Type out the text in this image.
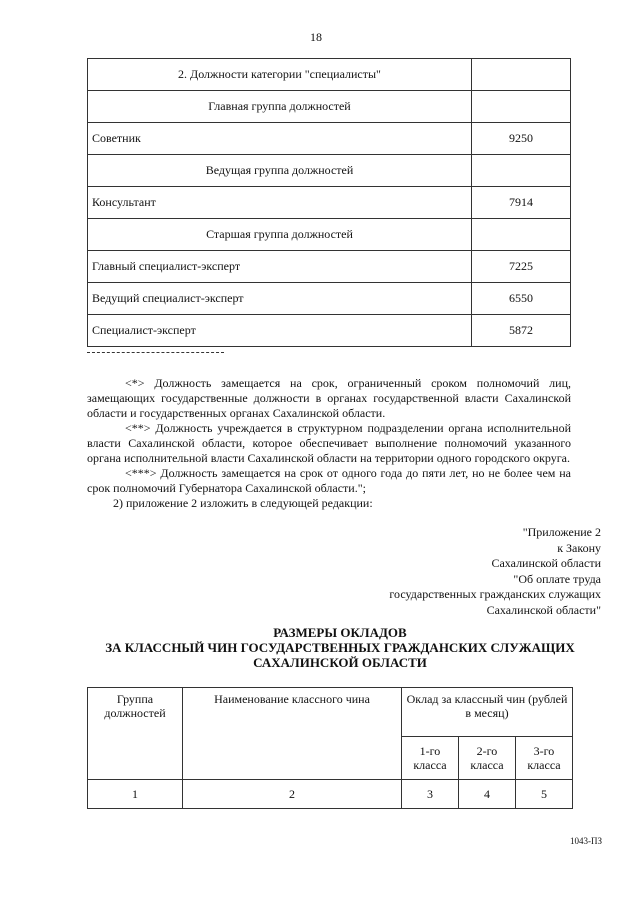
18
2. Должности категории "специалисты"	
Главная группа должностей	
Советник	9250
Ведущая группа должностей	
Консультант	7914
Старшая группа должностей	
Главный специалист-эксперт	7225
Ведущий специалист-эксперт	6550
Специалист-эксперт	5872

<*> Должность замещается на срок, ограниченный сроком полномочий лиц, замещающих государственные должности в органах государственной власти Сахалинской области и государственных органах Сахалинской области.

<**> Должность учреждается в структурном подразделении органа исполнительной власти Сахалинской области, которое обеспечивает выполнение полномочий указанного органа исполнительной власти Сахалинской области на территории одного городского округа.

<***> Должность замещается на срок от одного года до пяти лет, но не более чем на срок полномочий Губернатора Сахалинской области.";

2) приложение 2 изложить в следующей редакции:

"Приложение 2
к Закону
Сахалинской области
"Об оплате труда
государственных гражданских служащих
Сахалинской области"
РАЗМЕРЫ ОКЛАДОВ
ЗА КЛАССНЫЙ ЧИН ГОСУДАРСТВЕННЫХ ГРАЖДАНСКИХ СЛУЖАЩИХ
САХАЛИНСКОЙ ОБЛАСТИ
Группа должностей	Наименование классного чина	Оклад за классный чин (рублей в месяц)		
		1-го класса	2-го класса	3-го класса
1	2	3	4	5
1043-ПЗ
